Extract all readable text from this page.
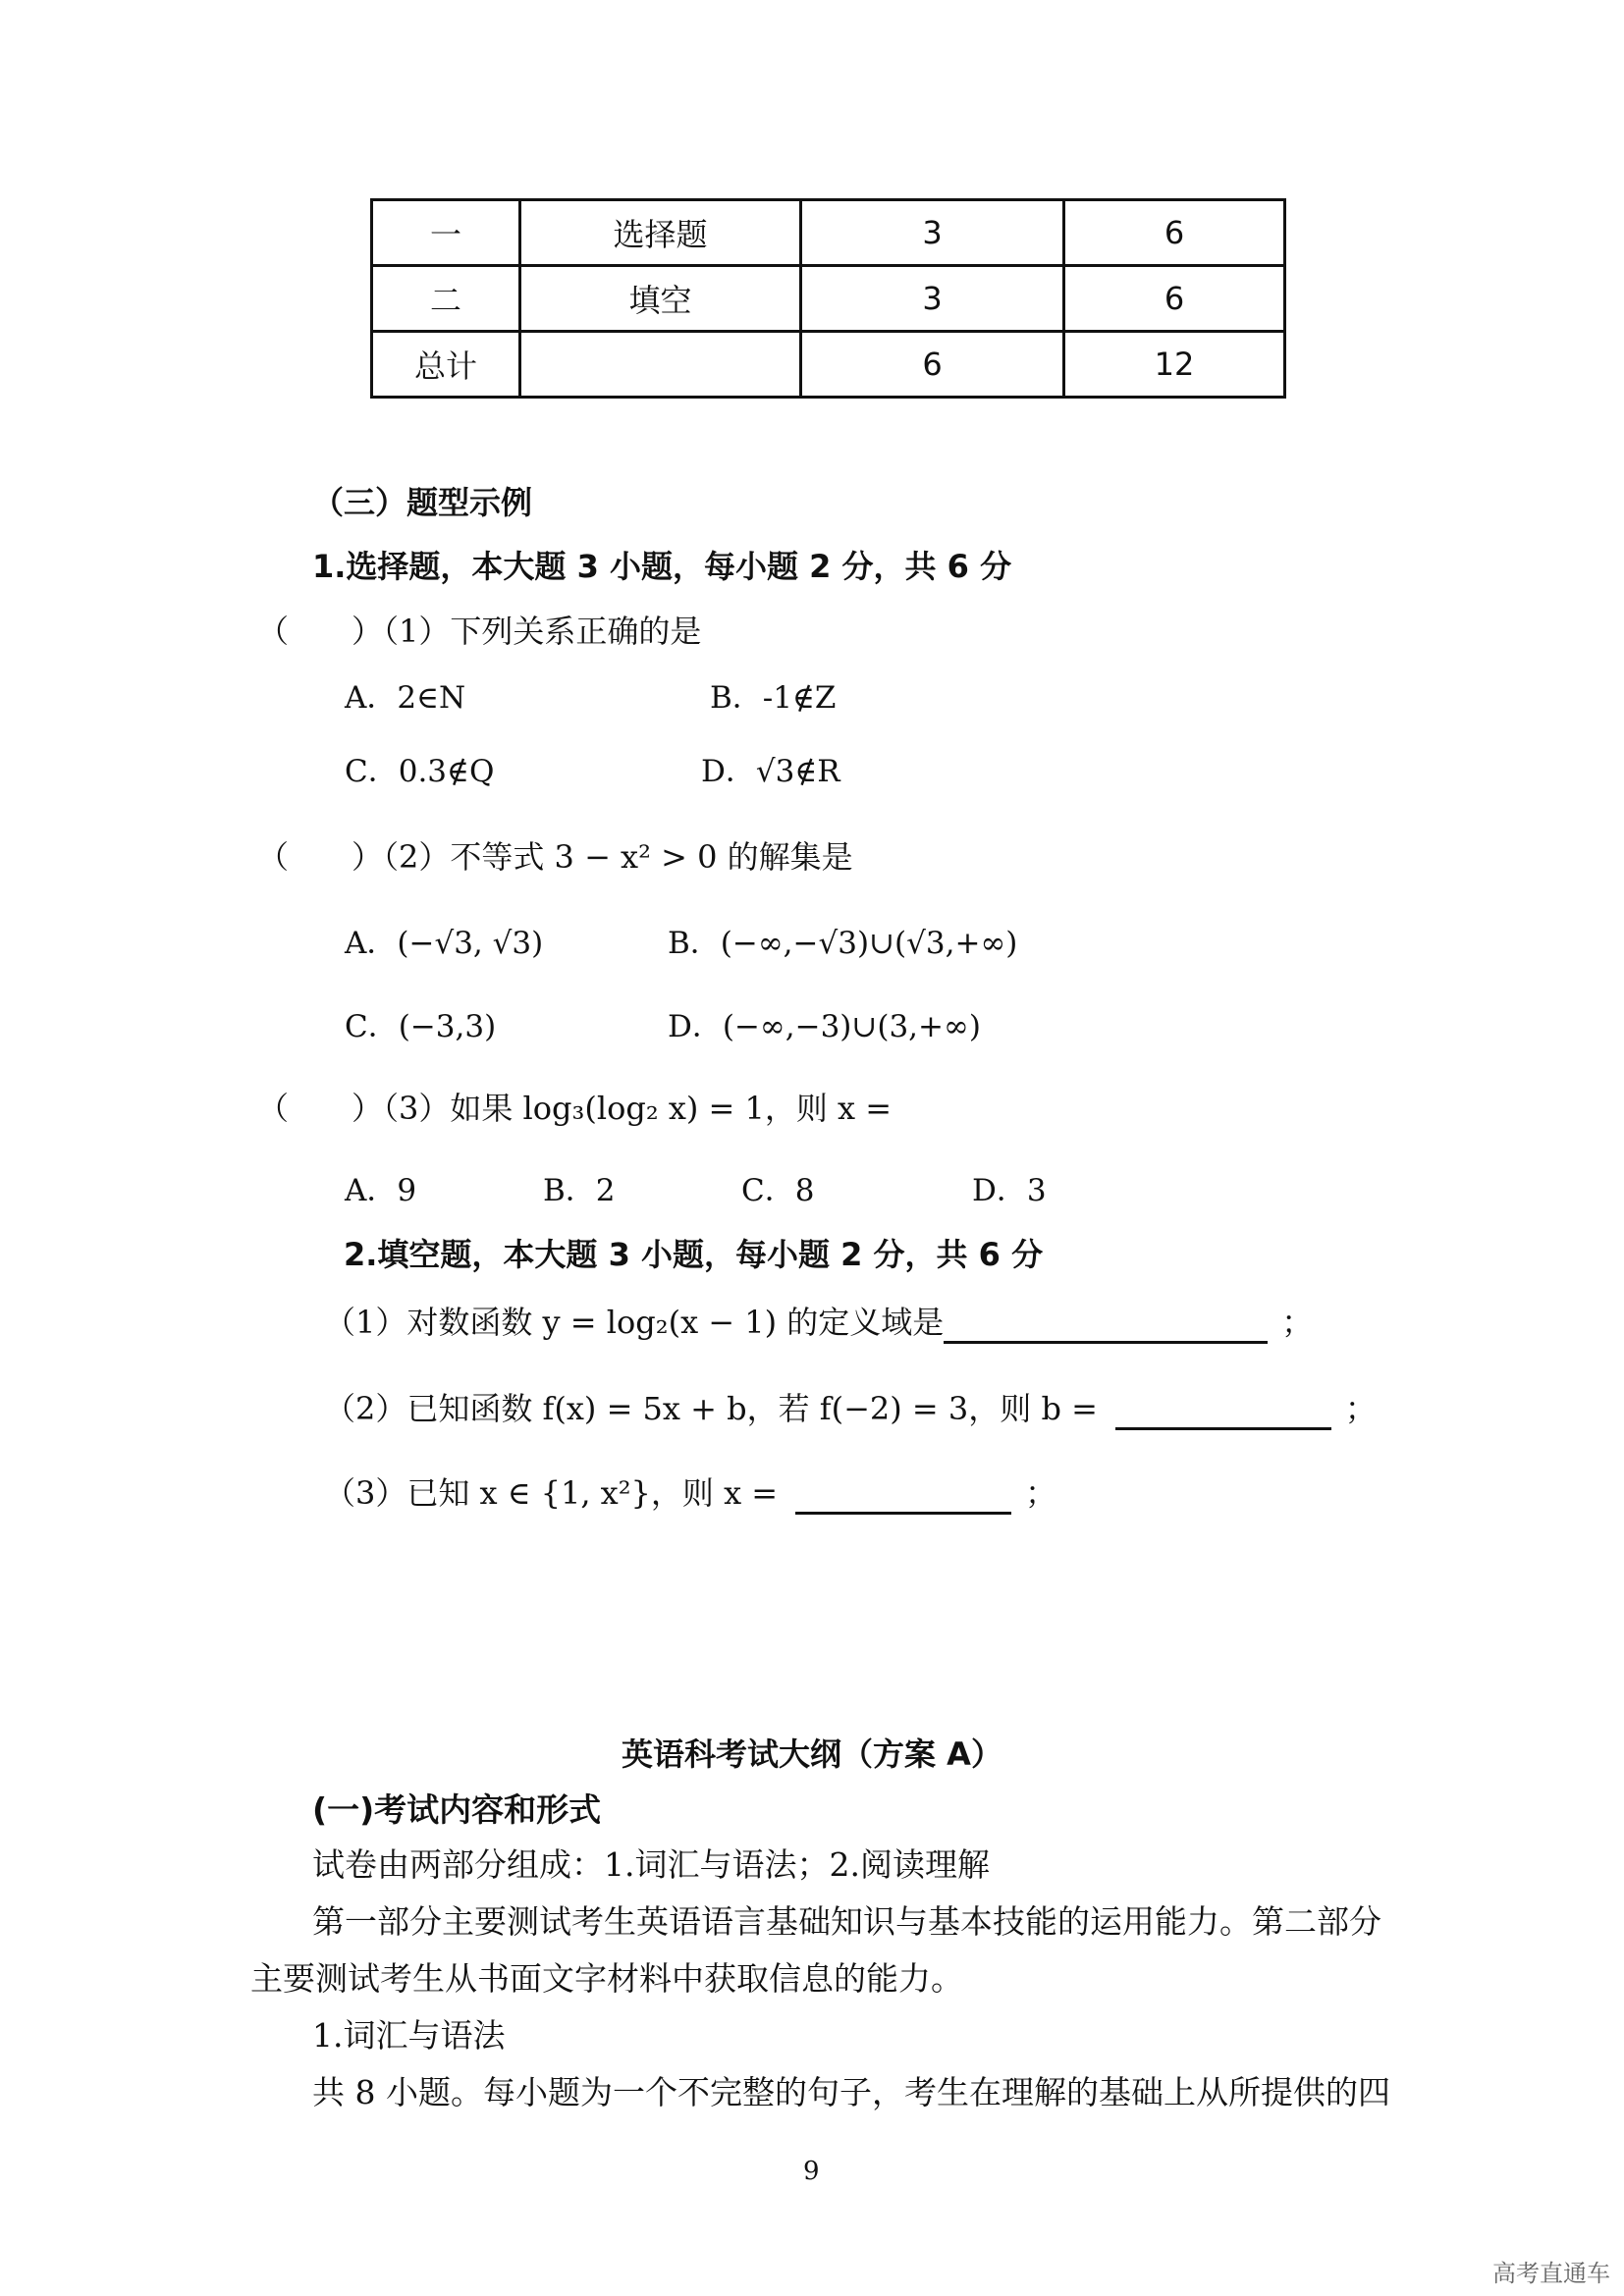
一	选择题	3	6
二	填空	3	6
总计		6	12
（三）题型示例
1.选择题，本大题 3 小题，每小题 2 分，共 6 分
（　　）（1）下列关系正确的是
A．2∈N	B．-1∉Z
C．0.3∉Q	D．√3∉R
（　　）（2）不等式 3 − x² > 0 的解集是
A．(−√3, √3)	B．(−∞,−√3)∪(√3,+∞)
C．(−3,3)	D．(−∞,−3)∪(3,+∞)
（　　）（3）如果 log₃(log₂ x) = 1，则 x =
A．9	B．2	C．8	D．3
2.填空题，本大题 3 小题，每小题 2 分，共 6 分
（1）对数函数 y = log₂(x − 1) 的定义域是	；
（2）已知函数 f(x) = 5x + b，若 f(−2) = 3，则 b =	；
（3）已知 x ∈ {1, x²}，则 x =	；
英语科考试大纲（方案 A）
(一)考试内容和形式
试卷由两部分组成：1.词汇与语法；2.阅读理解
第一部分主要测试考生英语语言基础知识与基本技能的运用能力。第二部分
主要测试考生从书面文字材料中获取信息的能力。
1.词汇与语法
共 8 小题。每小题为一个不完整的句子，考生在理解的基础上从所提供的四
9
高考直通车
